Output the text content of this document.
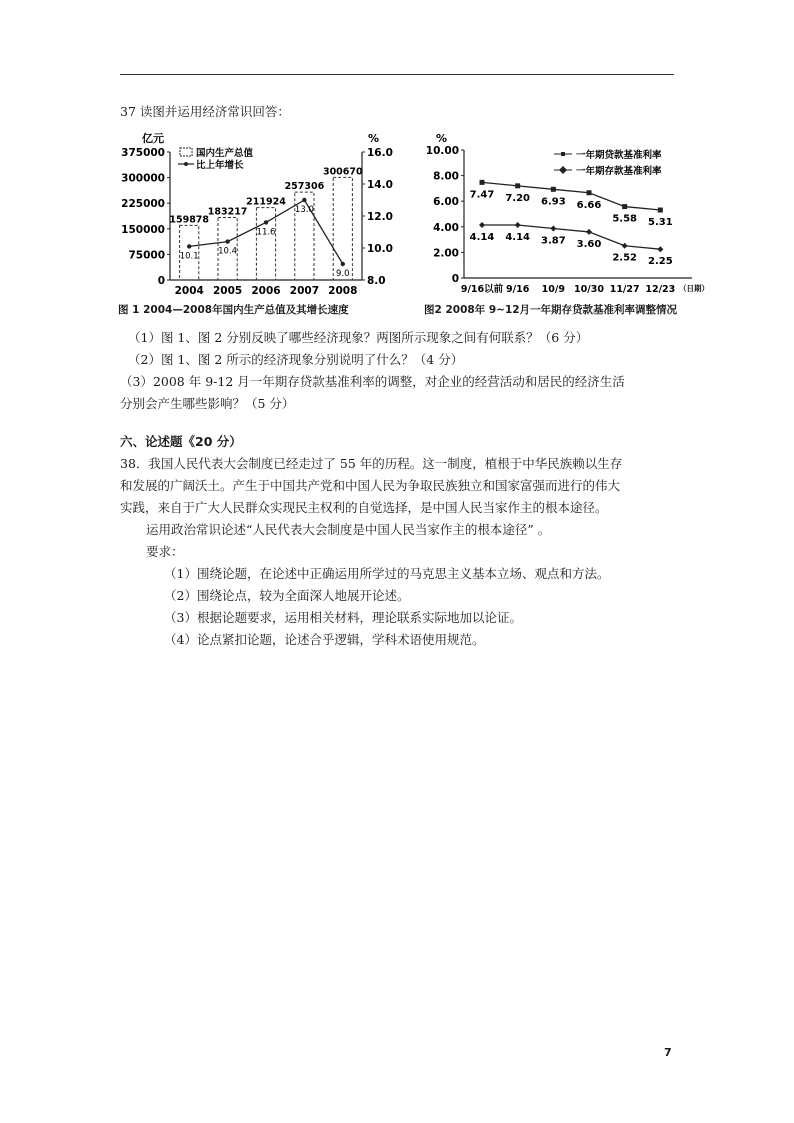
37 读图并运用经济常识回答：
亿元	%
国内生产总值
比上年增长
375000
300000
225000
150000
75000
0
16.0
14.0
12.0
10.0
8.0
2004 2005 2006 2007 2008
159878
183217
211924
257306
300670
10.1 10.4
11.6
13.0
9.0
图 1 2004—2008年国内生产总值及其增长速度
%
一年期贷款基准利率
一年期存款基准利率
10.00
8.00
6.00
4.00
2.00
0
9/16以前 9/16 10/9 10/30 11/27 12/23 （日期）
7.47 7.20 6.93 6.66
5.58 5.31
4.14 4.14 3.87 3.60
2.52 2.25
图2 2008年 9~12月一年期存贷款基准利率调整情况
（1）图 1、图 2 分别反映了哪些经济现象？两图所示现象之间有何联系？（6 分）
（2）图 1、图 2 所示的经济现象分别说明了什么？（4 分）
（3）2008 年 9-12 月一年期存贷款基准利率的调整，对企业的经营活动和居民的经济生活
分别会产生哪些影响？（5 分）
六、论述题《20 分）
38．我国人民代表大会制度已经走过了 55 年的历程。这一制度，植根于中华民族赖以生存
和发展的广阔沃土。产生于中国共产党和中国人民为争取民族独立和国家富强而进行的伟大
实践，来自于广大人民群众实现民主权利的自觉选择，是中国人民当家作主的根本途径。
运用政治常识论述“人民代表大会制度是中国人民当家作主的根本途径” 。
要求：
（1）围绕论题，在论述中正确运用所学过的马克思主义基本立场、观点和方法。
（2）围绕论点，较为全面深人地展开论述。
（3）根据论题要求，运用相关材料，理论联系实际地加以论证。
（4）论点紧扣论题，论述合乎逻辑，学科术语使用规范。
7
